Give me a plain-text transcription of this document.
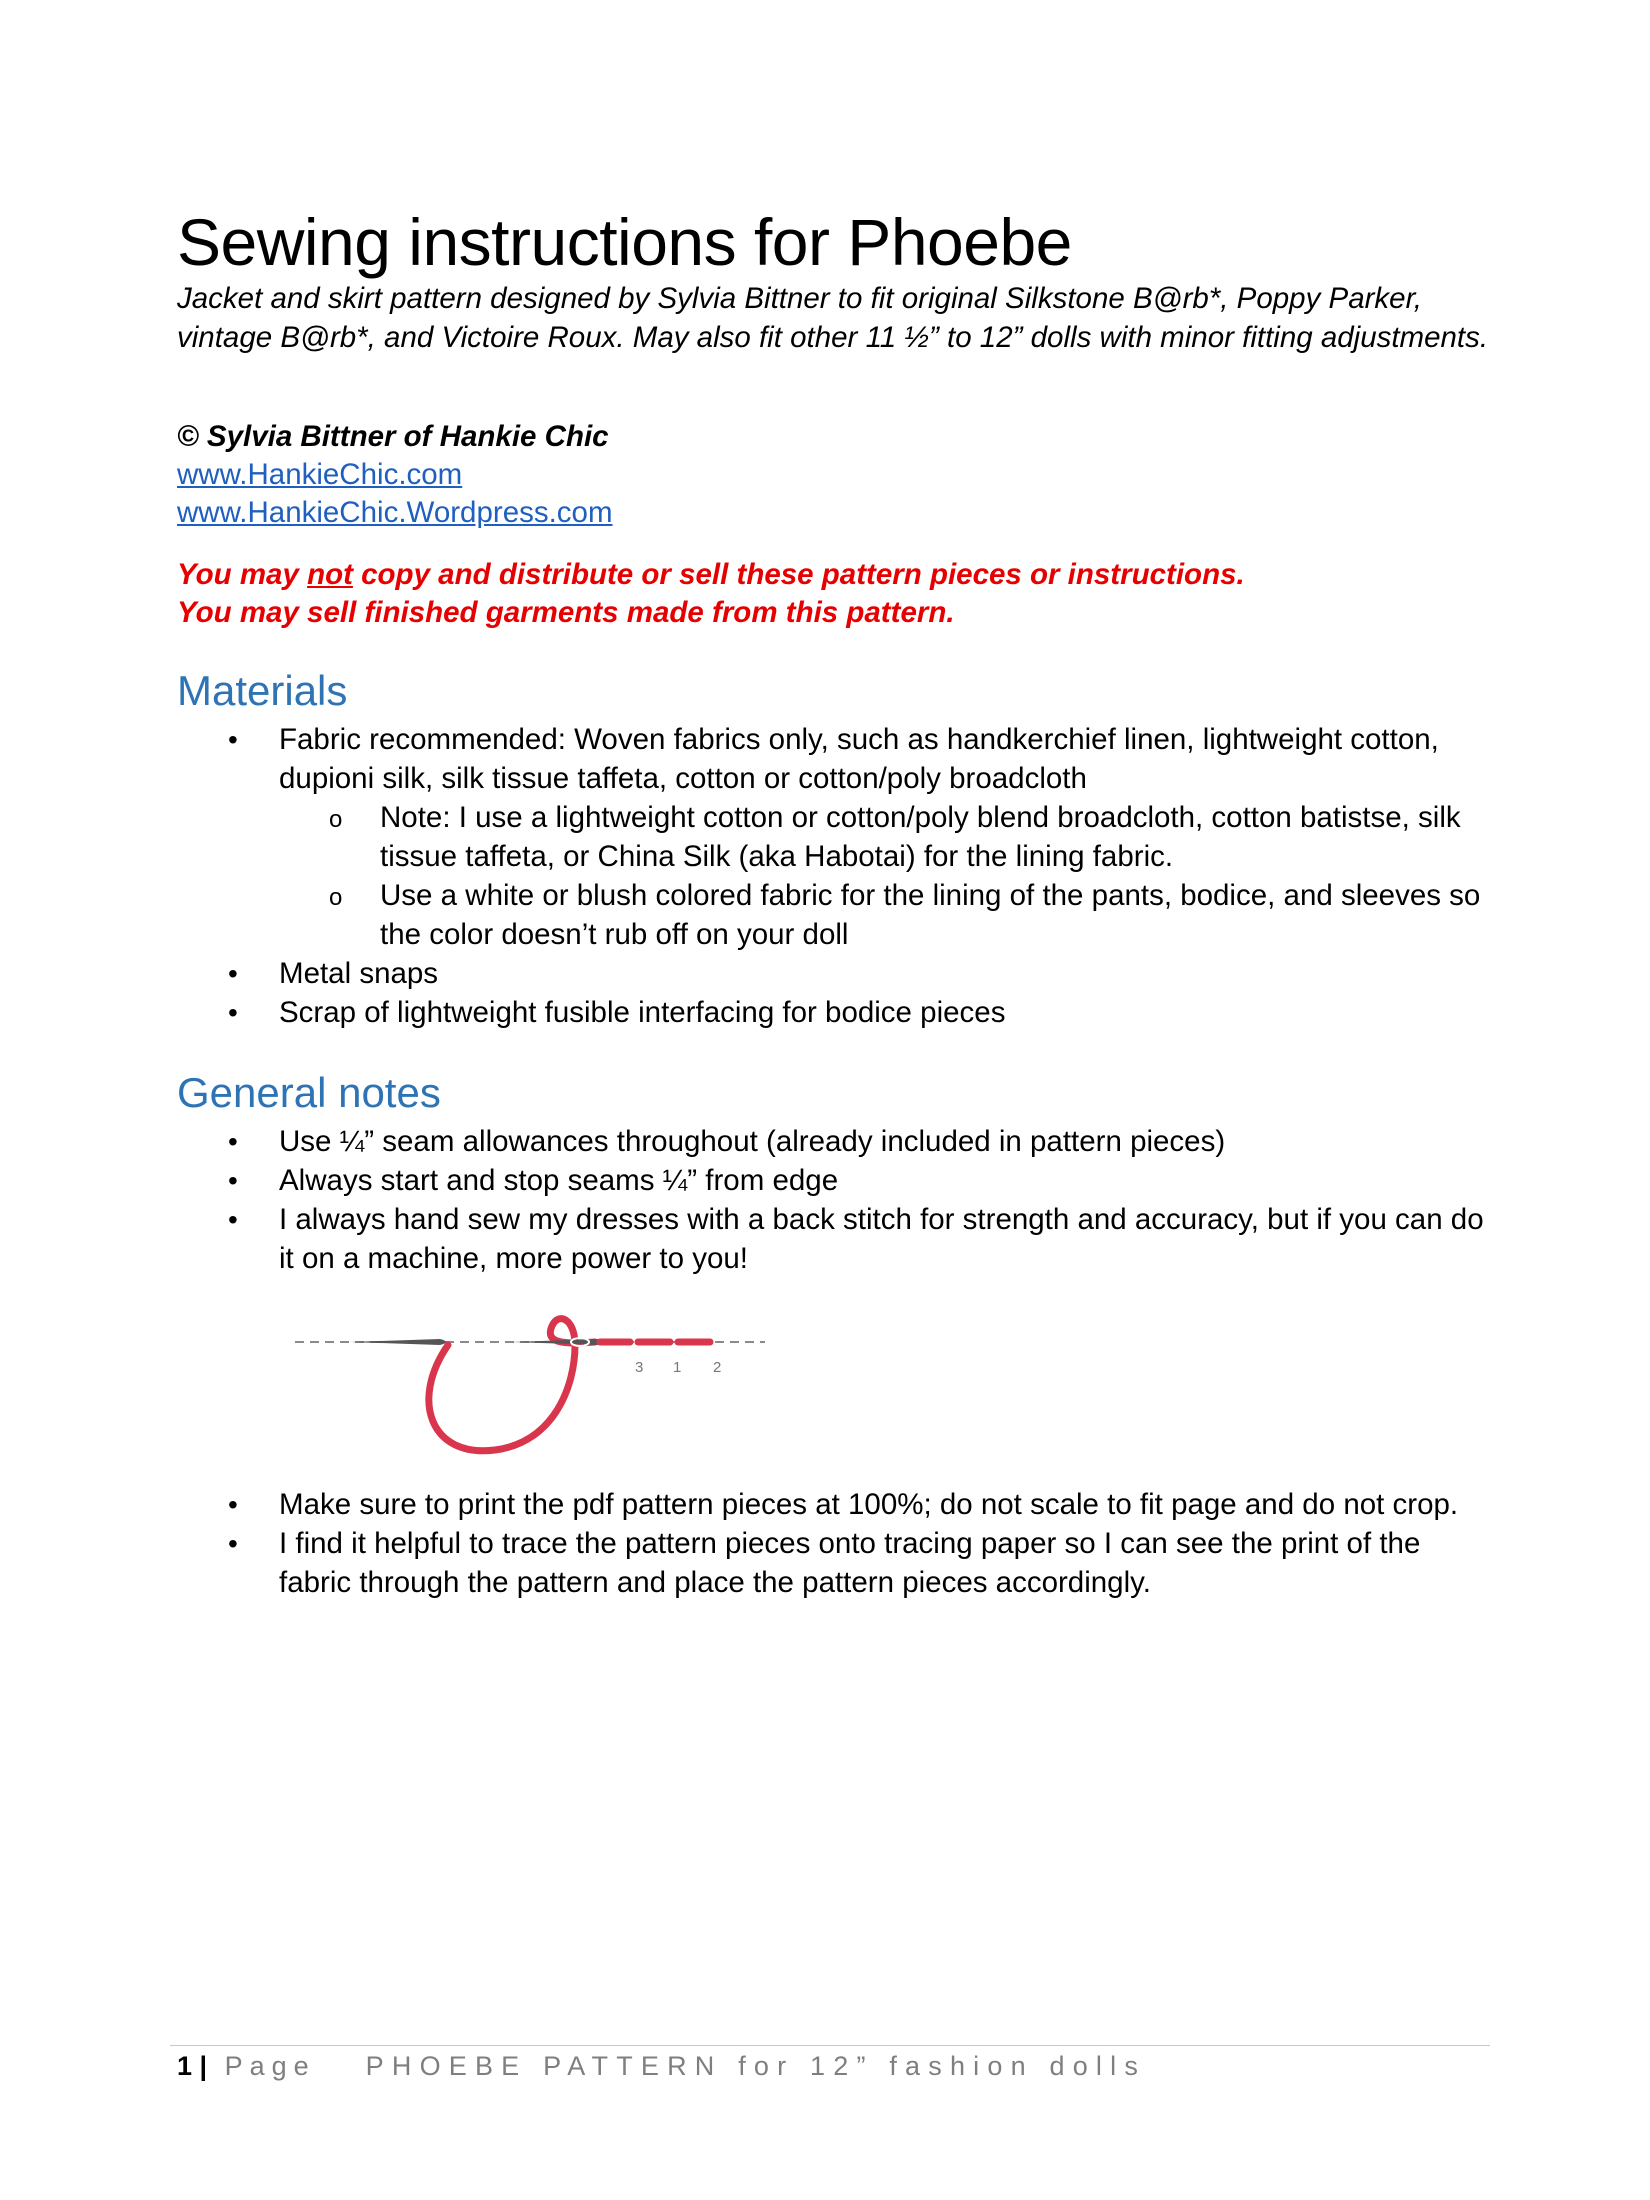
Sewing instructions for Phoebe
Jacket and skirt pattern designed by Sylvia Bittner to fit original Silkstone B@rb*, Poppy Parker, vintage B@rb*, and Victoire Roux. May also fit other 11 ½” to 12” dolls with minor fitting adjustments.
© Sylvia Bittner of Hankie Chic
www.HankieChic.com
www.HankieChic.Wordpress.com
You may not copy and distribute or sell these pattern pieces or instructions.
You may sell finished garments made from this pattern.
Materials
• Fabric recommended: Woven fabrics only, such as handkerchief linen, lightweight cotton, dupioni silk, silk tissue taffeta, cotton or cotton/poly broadcloth
o Note: I use a lightweight cotton or cotton/poly blend broadcloth, cotton batistse, silk tissue taffeta, or China Silk (aka Habotai) for the lining fabric.
o Use a white or blush colored fabric for the lining of the pants, bodice, and sleeves so the color doesn’t rub off on your doll
• Metal snaps
• Scrap of lightweight fusible interfacing for bodice pieces
General notes
• Use ¼” seam allowances throughout (already included in pattern pieces)
• Always start and stop seams ¼” from edge
• I always hand sew my dresses with a back stitch for strength and accuracy, but if you can do it on a machine, more power to you!
3 1 2
• Make sure to print the pdf pattern pieces at 100%; do not scale to fit page and do not crop.
• I find it helpful to trace the pattern pieces onto tracing paper so I can see the print of the fabric through the pattern and place the pattern pieces accordingly.
1 | Page PHOEBE PATTERN for 12” fashion dolls
